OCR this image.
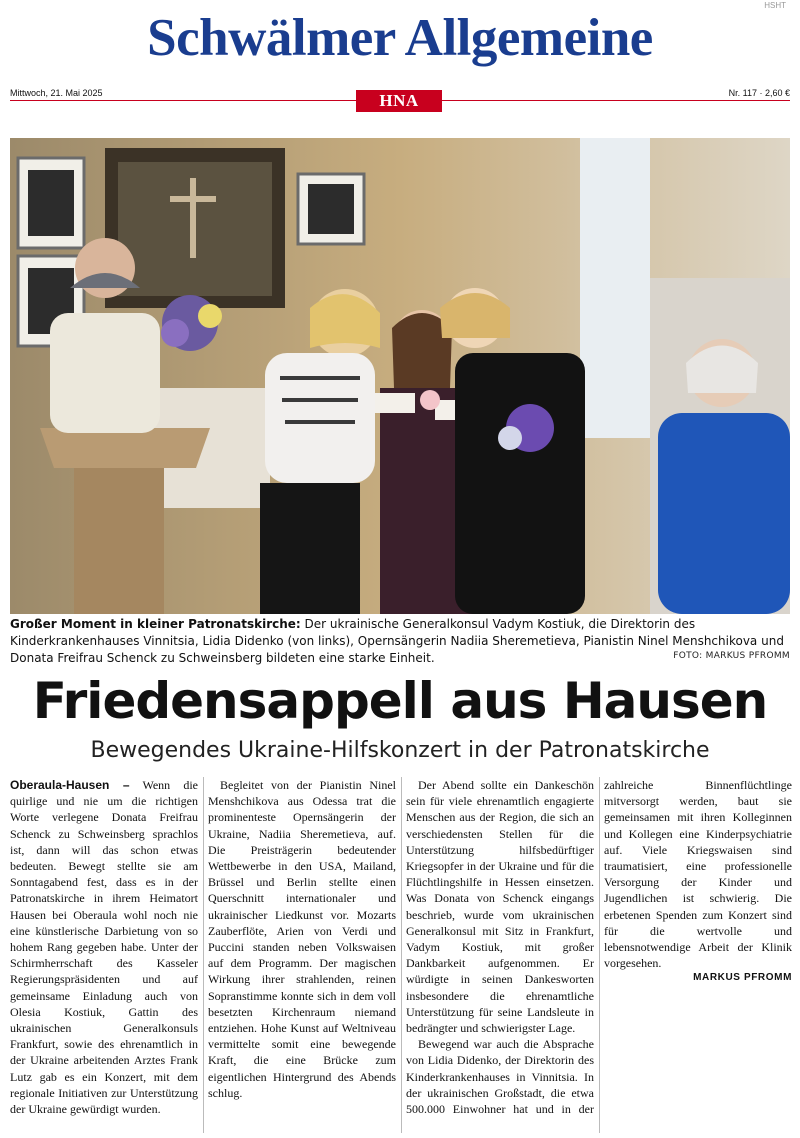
HSHT
Schwälmer Allgemeine
Mittwoch, 21. Mai 2025	HNA	Nr. 117 · 2,60 €
Großer Moment in kleiner Patronatskirche: Der ukrainische Generalkonsul Vadym Kostiuk, die Direktorin des Kinderkrankenhauses Vinnitsia, Lidia Didenko (von links), Opernsängerin Nadiia Sheremetieva, Pianistin Ninel Menshchikova und Donata Freifrau Schenck zu Schweinsberg bildeten eine starke Einheit.	FOTO: MARKUS PFROMM
Friedensappell aus Hausen
Bewegendes Ukraine-Hilfskonzert in der Patronatskirche

Oberaula-Hausen – Wenn die quirlige und nie um die richtigen Worte verlegene Donata Freifrau Schenck zu Schweinsberg sprachlos ist, dann will das schon etwas bedeuten. Bewegt stellte sie am Sonntagabend fest, dass es in der Patronatskirche in ihrem Heimatort Hausen bei Oberaula wohl noch nie eine künstlerische Darbietung von so hohem Rang gegeben habe. Unter der Schirmherrschaft des Kasseler Regierungspräsidenten und auf gemeinsame Einladung auch von Olesia Kostiuk, Gattin des ukrainischen Generalkonsuls Frankfurt, sowie des ehrenamtlich in der Ukraine arbeitenden Arztes Frank Lutz gab es ein Konzert, mit dem regionale Initiativen zur Unterstützung der Ukraine gewürdigt wurden.

Begleitet von der Pianistin Ninel Menshchikova aus Odessa trat die prominenteste Opernsängerin der Ukraine, Nadiia Sheremetieva, auf. Die Preisträgerin bedeutender Wettbewerbe in den USA, Mailand, Brüssel und Berlin stellte einen Querschnitt internationaler und ukrainischer Liedkunst vor. Mozarts Zauberflöte, Arien von Verdi und Puccini standen neben Volkswaisen auf dem Programm. Der magischen Wirkung ihrer strahlenden, reinen Sopranstimme konnte sich in dem voll besetzten Kirchenraum niemand entziehen. Hohe Kunst auf Weltniveau vermittelte somit eine bewegende Kraft, die eine Brücke zum eigentlichen Hintergrund des Abends schlug.

Der Abend sollte ein Dankeschön sein für viele ehrenamtlich engagierte Menschen aus der Region, die sich an verschiedensten Stellen für die Unterstützung hilfsbedürftiger Kriegsopfer in der Ukraine und für die Flüchtlingshilfe in Hessen einsetzen. Was Donata von Schenck eingangs beschrieb, wurde vom ukrainischen Generalkonsul mit Sitz in Frankfurt, Vadym Kostiuk, mit großer Dankbarkeit aufgenommen. Er würdigte in seinen Dankesworten insbesondere die ehrenamtliche Unterstützung für seine Landsleute in bedrängter und schwierigster Lage.

Bewegend war auch die Absprache von Lidia Didenko, der Direktorin des Kinderkrankenhauses in Vinnitsia. In der ukrainischen Großstadt, die etwa 500.000 Einwohner hat und in der zahlreiche Binnenflüchtlinge mitversorgt werden, baut sie gemeinsamen mit ihren Kolleginnen und Kollegen eine Kinderpsychiatrie auf. Viele Kriegswaisen sind traumatisiert, eine professionelle Versorgung der Kinder und Jugendlichen ist schwierig. Die erbetenen Spenden zum Konzert sind für die wertvolle und lebensnotwendige Arbeit der Klinik vorgesehen.

MARKUS PFROMM
